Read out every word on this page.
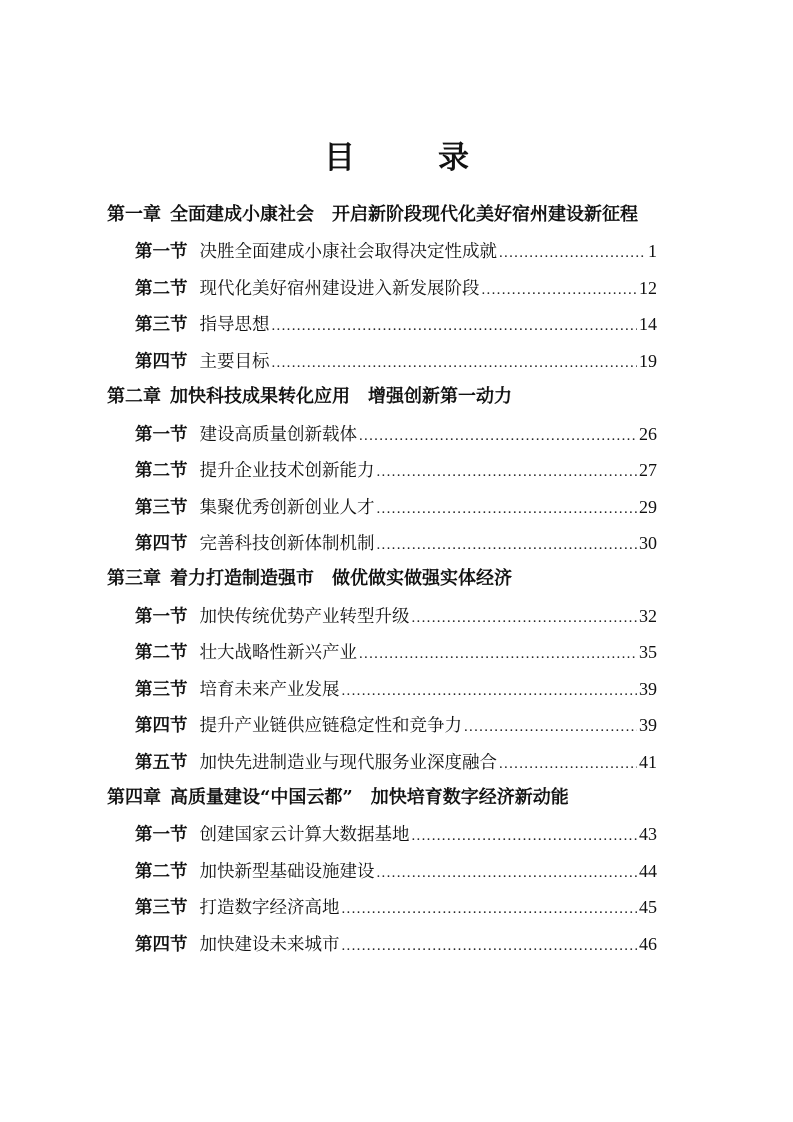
目　录
第一章 全面建成小康社会 开启新阶段现代化美好宿州建设新征程
第一节 决胜全面建成小康社会取得决定性成就 .....	1
第二节 现代化美好宿州建设进入新发展阶段 .....	12
第三节 指导思想 .....	14
第四节 主要目标 .....	19
第二章 加快科技成果转化应用 增强创新第一动力
第一节 建设高质量创新载体 .....	26
第二节 提升企业技术创新能力 .....	27
第三节 集聚优秀创新创业人才 .....	29
第四节 完善科技创新体制机制 .....	30
第三章 着力打造制造强市 做优做实做强实体经济
第一节 加快传统优势产业转型升级 .....	32
第二节 壮大战略性新兴产业 .....	35
第三节 培育未来产业发展 .....	39
第四节 提升产业链供应链稳定性和竞争力 .....	39
第五节 加快先进制造业与现代服务业深度融合 .....	41
第四章 高质量建设“中国云都” 加快培育数字经济新动能
第一节 创建国家云计算大数据基地 .....	43
第二节 加快新型基础设施建设 .....	44
第三节 打造数字经济高地 .....	45
第四节 加快建设未来城市 .....	46
